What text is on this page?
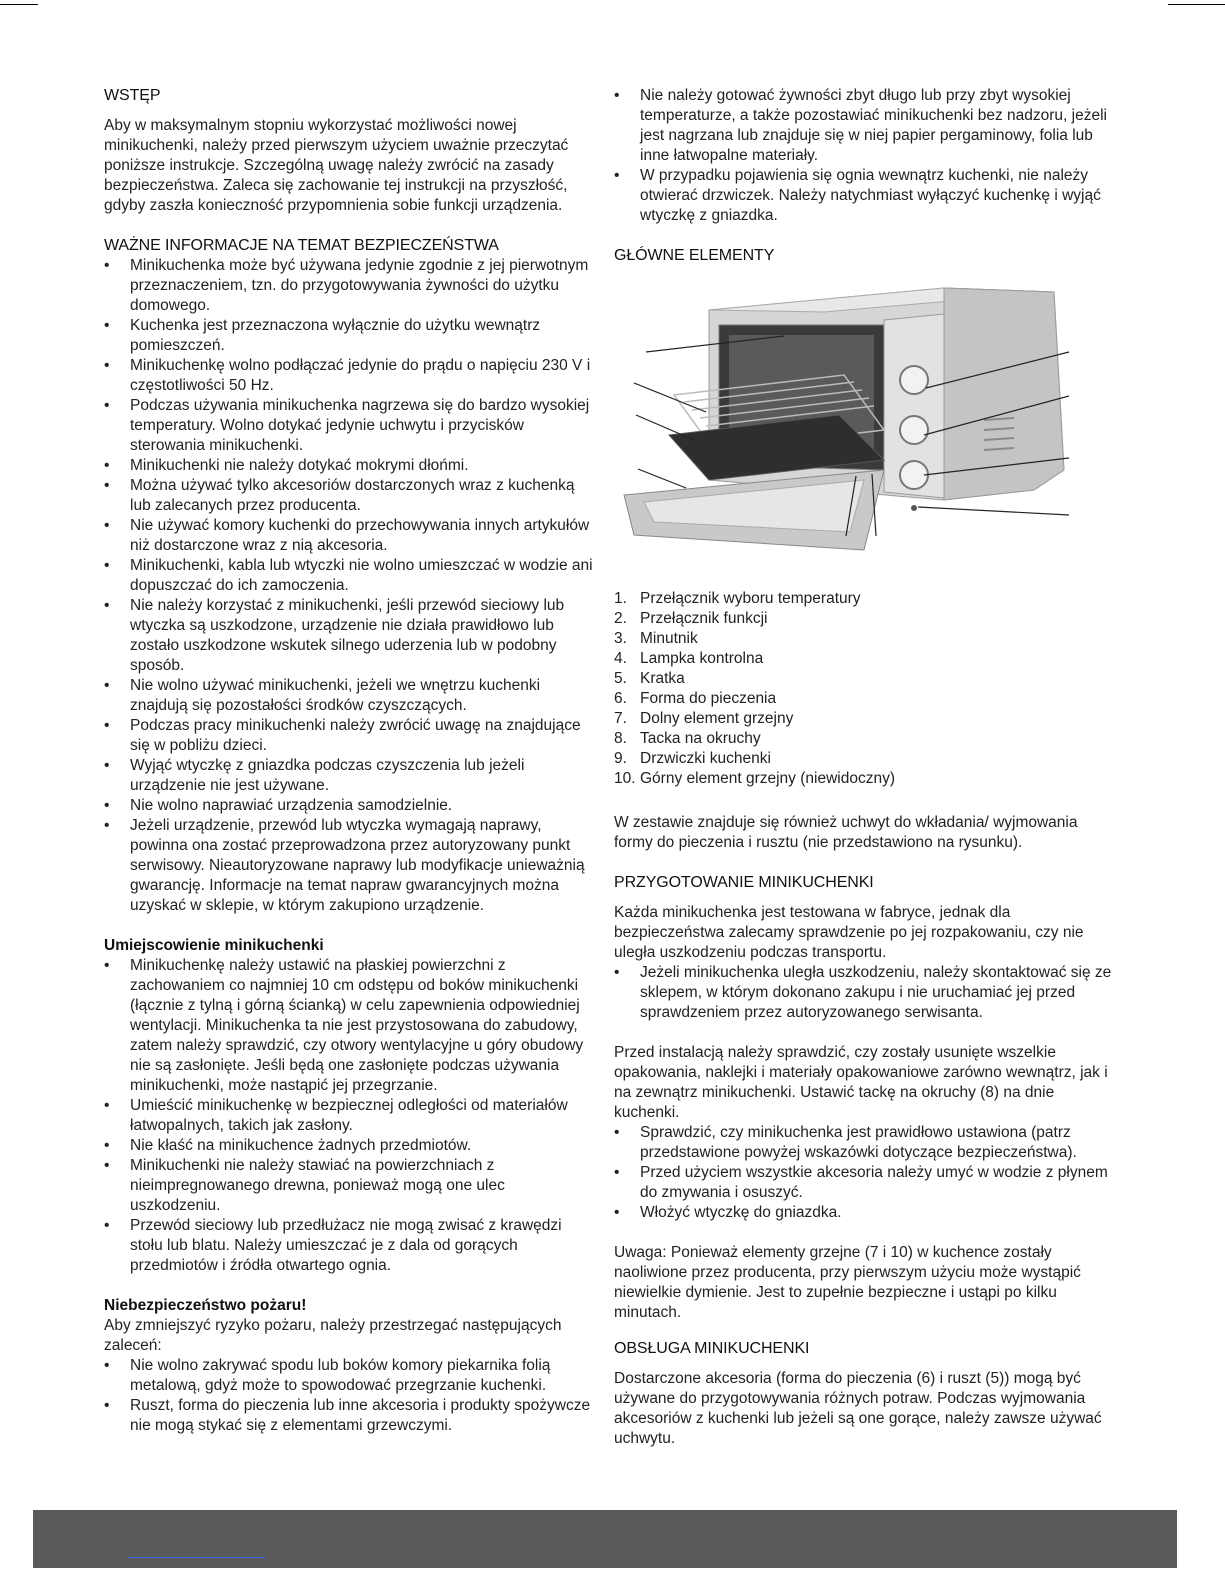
WSTĘP

Aby w maksymalnym stopniu wykorzystać możliwości nowej minikuchenki, należy przed pierwszym użyciem uważnie przeczytać poniższe instrukcje. Szczególną uwagę należy zwrócić na zasady bezpieczeństwa. Zaleca się zachowanie tej instrukcji na przyszłość, gdyby zaszła konieczność przypomnienia sobie funkcji urządzenia.

WAŻNE INFORMACJE NA TEMAT BEZPIECZEŃSTWA
• Minikuchenka może być używana jedynie zgodnie z jej pierwotnym przeznaczeniem, tzn. do przygotowywania żywności do użytku domowego.
• Kuchenka jest przeznaczona wyłącznie do użytku wewnątrz pomieszczeń.
• Minikuchenkę wolno podłączać jedynie do prądu o napięciu 230 V i częstotliwości 50 Hz.
• Podczas używania minikuchenka nagrzewa się do bardzo wysokiej temperatury. Wolno dotykać jedynie uchwytu i przycisków sterowania minikuchenki.
• Minikuchenki nie należy dotykać mokrymi dłońmi.
• Można używać tylko akcesoriów dostarczonych wraz z kuchenką lub zalecanych przez producenta.
• Nie używać komory kuchenki do przechowywania innych artykułów niż dostarczone wraz z nią akcesoria.
• Minikuchenki, kabla lub wtyczki nie wolno umieszczać w wodzie ani dopuszczać do ich zamoczenia.
• Nie należy korzystać z minikuchenki, jeśli przewód sieciowy lub wtyczka są uszkodzone, urządzenie nie działa prawidłowo lub zostało uszkodzone wskutek silnego uderzenia lub w podobny sposób.
• Nie wolno używać minikuchenki, jeżeli we wnętrzu kuchenki znajdują się pozostałości środków czyszczących.
• Podczas pracy minikuchenki należy zwrócić uwagę na znajdujące się w pobliżu dzieci.
• Wyjąć wtyczkę z gniazdka podczas czyszczenia lub jeżeli urządzenie nie jest używane.
• Nie wolno naprawiać urządzenia samodzielnie.
• Jeżeli urządzenie, przewód lub wtyczka wymagają naprawy, powinna ona zostać przeprowadzona przez autoryzowany punkt serwisowy. Nieautoryzowane naprawy lub modyfikacje unieważnią gwarancję. Informacje na temat napraw gwarancyjnych można uzyskać w sklepie, w którym zakupiono urządzenie.
Umiejscowienie minikuchenki
• Minikuchenkę należy ustawić na płaskiej powierzchni z zachowaniem co najmniej 10 cm odstępu od boków minikuchenki (łącznie z tylną i górną ścianką) w celu zapewnienia odpowiedniej wentylacji. Minikuchenka ta nie jest przystosowana do zabudowy, zatem należy sprawdzić, czy otwory wentylacyjne u góry obudowy nie są zasłonięte. Jeśli będą one zasłonięte podczas używania minikuchenki, może nastąpić jej przegrzanie.
• Umieścić minikuchenkę w bezpiecznej odległości od materiałów łatwopalnych, takich jak zasłony.
• Nie kłaść na minikuchence żadnych przedmiotów.
• Minikuchenki nie należy stawiać na powierzchniach z nieimpregnowanego drewna, ponieważ mogą one ulec uszkodzeniu.
• Przewód sieciowy lub przedłużacz nie mogą zwisać z krawędzi stołu lub blatu. Należy umieszczać je z dala od gorących przedmiotów i źródła otwartego ognia.
Niebezpieczeństwo pożaru!

Aby zmniejszyć ryzyko pożaru, należy przestrzegać następujących zaleceń:

• Nie wolno zakrywać spodu lub boków komory piekarnika folią metalową, gdyż może to spowodować przegrzanie kuchenki.
• Ruszt, forma do pieczenia lub inne akcesoria i produkty spożywcze nie mogą stykać się z elementami grzewczymi.
• Nie należy gotować żywności zbyt długo lub przy zbyt wysokiej temperaturze, a także pozostawiać minikuchenki bez nadzoru, jeżeli jest nagrzana lub znajduje się w niej papier pergaminowy, folia lub inne łatwopalne materiały.
• W przypadku pojawienia się ognia wewnątrz kuchenki, nie należy otwierać drzwiczek. Należy natychmiast wyłączyć kuchenkę i wyjąć wtyczkę z gniazdka.
GŁÓWNE ELEMENTY
1. Przełącznik wyboru temperatury
2. Przełącznik funkcji
3. Minutnik
4. Lampka kontrolna
5. Kratka
6. Forma do pieczenia
7. Dolny element grzejny
8. Tacka na okruchy
9. Drzwiczki kuchenki
10. Górny element grzejny (niewidoczny)

W zestawie znajduje się również uchwyt do wkładania/ wyjmowania formy do pieczenia i rusztu (nie przedstawiono na rysunku).

PRZYGOTOWANIE MINIKUCHENKI

Każda minikuchenka jest testowana w fabryce, jednak dla bezpieczeństwa zalecamy sprawdzenie po jej rozpakowaniu, czy nie uległa uszkodzeniu podczas transportu.

• Jeżeli minikuchenka uległa uszkodzeniu, należy skontaktować się ze sklepem, w którym dokonano zakupu i nie uruchamiać jej przed sprawdzeniem przez autoryzowanego serwisanta.

Przed instalacją należy sprawdzić, czy zostały usunięte wszelkie opakowania, naklejki i materiały opakowaniowe zarówno wewnątrz, jak i na zewnątrz minikuchenki. Ustawić tackę na okruchy (8) na dnie kuchenki.

• Sprawdzić, czy minikuchenka jest prawidłowo ustawiona (patrz przedstawione powyżej wskazówki dotyczące bezpieczeństwa).
• Przed użyciem wszystkie akcesoria należy umyć w wodzie z płynem do zmywania i osuszyć.
• Włożyć wtyczkę do gniazdka.

Uwaga: Ponieważ elementy grzejne (7 i 10) w kuchence zostały naoliwione przez producenta, przy pierwszym użyciu może wystąpić niewielkie dymienie. Jest to zupełnie bezpieczne i ustąpi po kilku minutach.

OBSŁUGA MINIKUCHENKI

Dostarczone akcesoria (forma do pieczenia (6) i ruszt (5)) mogą być używane do przygotowywania różnych potraw. Podczas wyjmowania akcesoriów z kuchenki lub jeżeli są one gorące, należy zawsze używać uchwytu.
